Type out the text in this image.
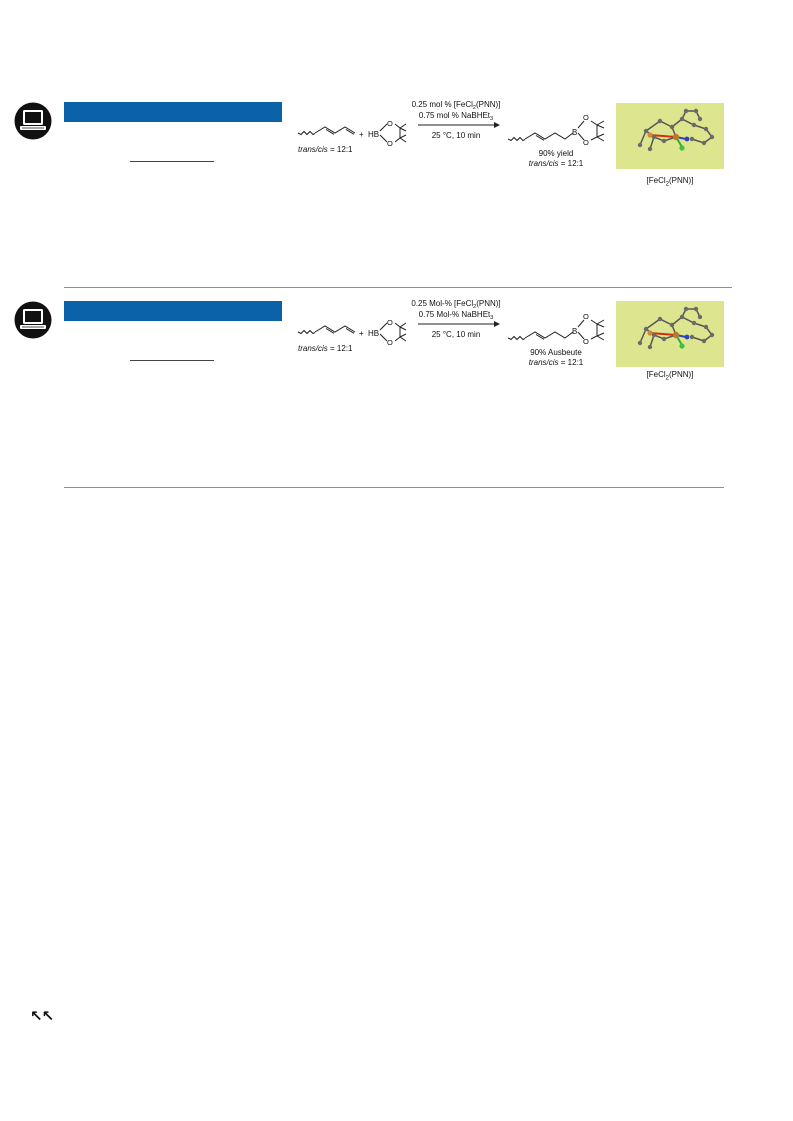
trans/cis = 12:1
+ HB
O
O
0.25 mol % [FeCl$_2$(PNN)]
0.75 mol % NaBHEt$_3$
25 °C, 10 min	B
O
O
90% yield
trans/cis = 12:1
[FeCl$_2$(PNN)]
trans/cis = 12:1
+ HB
O
O
0.25 Mol-% [FeCl$_2$(PNN)]
0.75 Mol-% NaBHEt$_3$
25 °C, 10 min	B
O
O
90% Ausbeute
trans/cis = 12:1
[FeCl$_2$(PNN)]
↖↖
